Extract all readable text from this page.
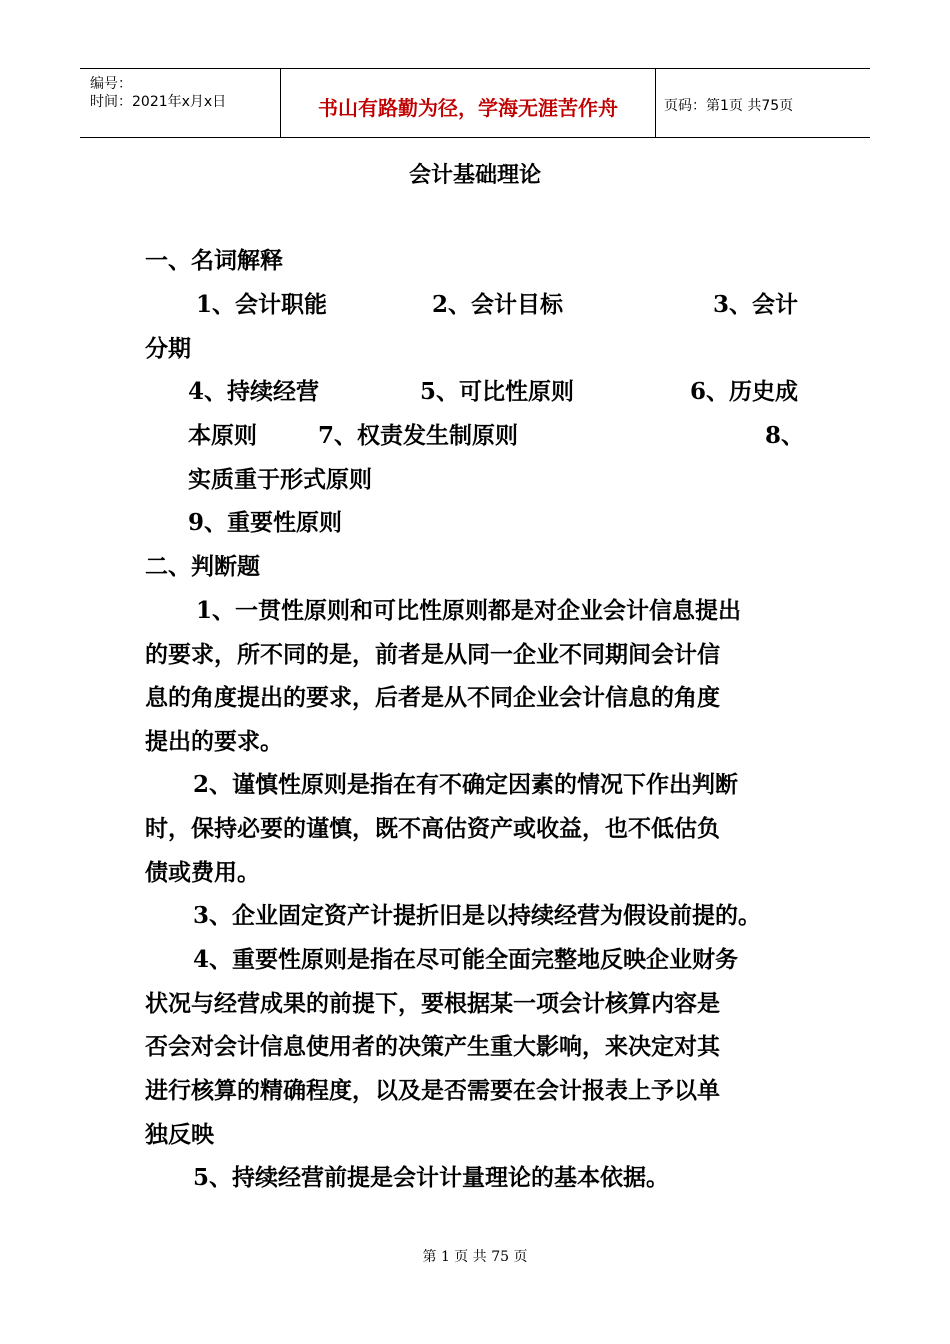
编号：
时间：2021年x月x日	书山有路勤为径，学海无涯苦作舟	页码：第1页 共75页
会计基础理论
一、名词解释
1、会计职能	2、会计目标	3、会计
分期
4、持续经营	5、可比性原则	6、历史成
本原则	7、权责发生制原则	8、
实质重于形式原则
9、重要性原则
二、判断题
1、一贯性原则和可比性原则都是对企业会计信息提出
的要求，所不同的是，前者是从同一企业不同期间会计信
息的角度提出的要求，后者是从不同企业会计信息的角度
提出的要求。
2、谨慎性原则是指在有不确定因素的情况下作出判断
时，保持必要的谨慎，既不高估资产或收益，也不低估负
债或费用。
3、企业固定资产计提折旧是以持续经营为假设前提的。
4、重要性原则是指在尽可能全面完整地反映企业财务
状况与经营成果的前提下，要根据某一项会计核算内容是
否会对会计信息使用者的决策产生重大影响，来决定对其
进行核算的精确程度，以及是否需要在会计报表上予以单
独反映
5、持续经营前提是会计计量理论的基本依据。
第 1 页 共 75 页
